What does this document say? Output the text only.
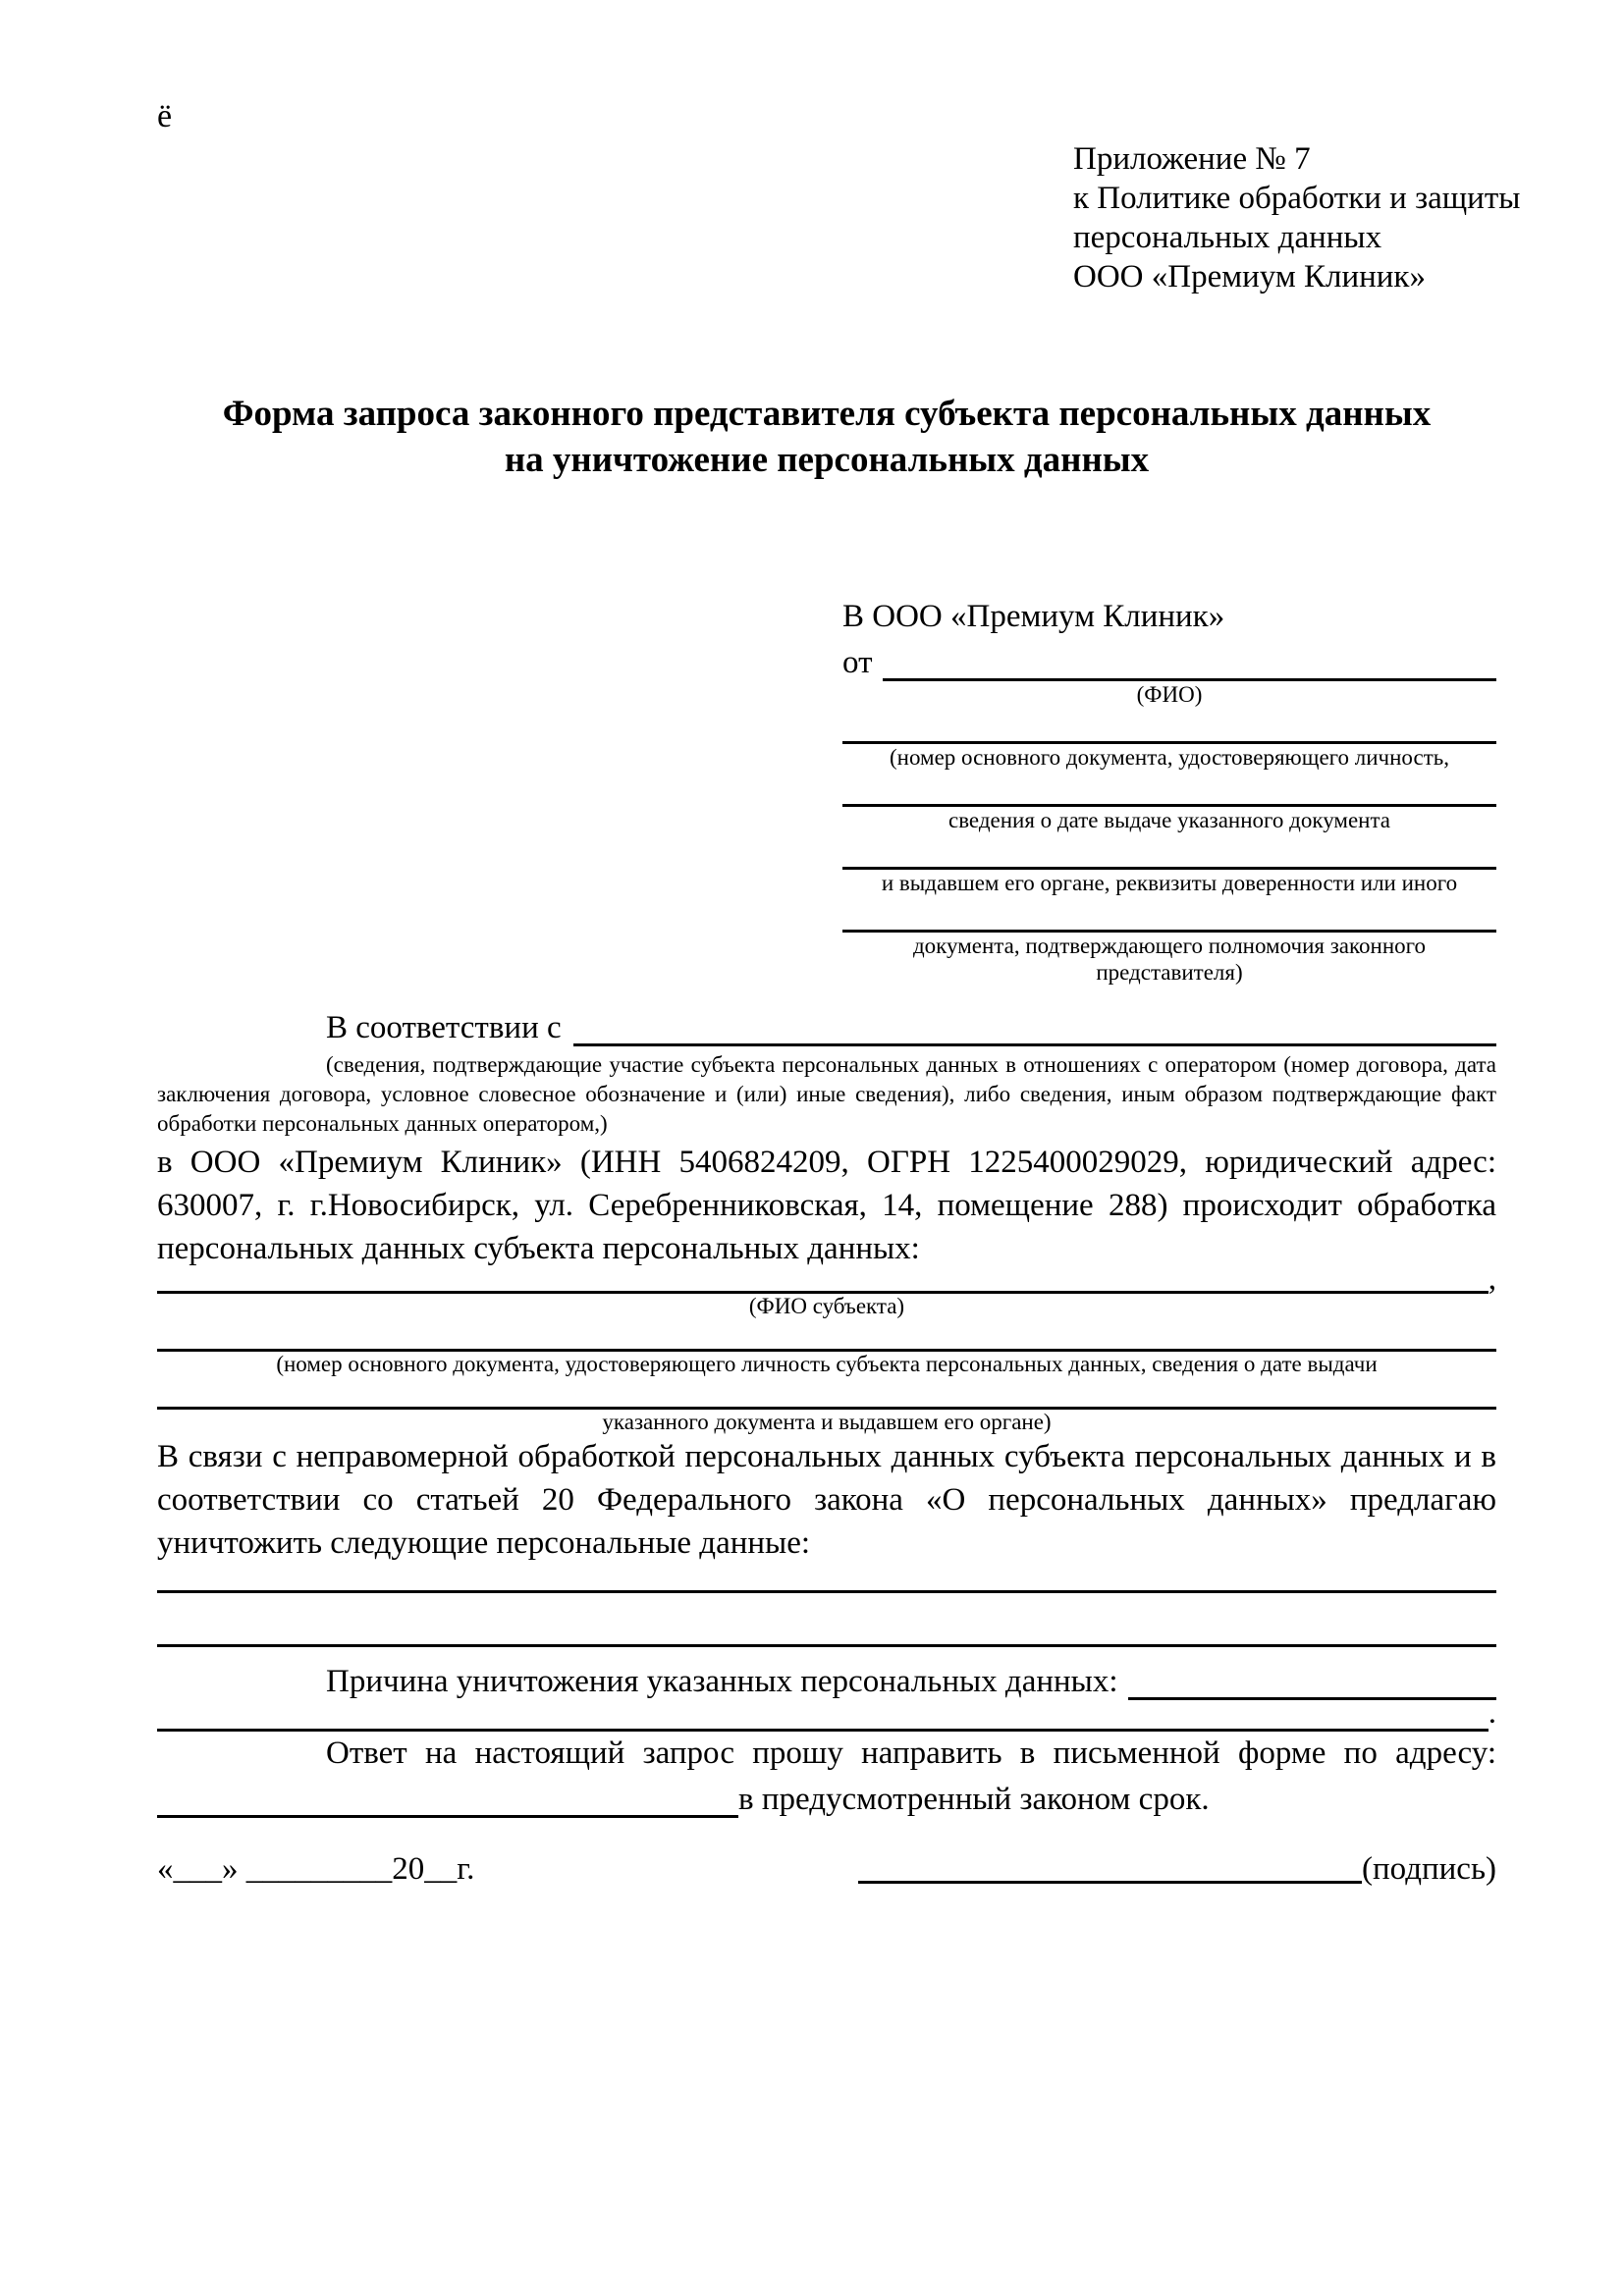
ё
Приложение № 7
к Политике обработки и защиты
персональных данных
ООО «Премиум Клиник»
Форма запроса законного представителя субъекта персональных данных
на уничтожение персональных данных
В ООО «Премиум Клиник»
от
(ФИО)
(номер основного документа, удостоверяющего личность,
сведения о дате выдаче указанного документа
и выдавшем его органе, реквизиты доверенности или иного
документа, подтверждающего полномочия законного представителя)
В соответствии с
(сведения, подтверждающие участие субъекта персональных данных в отношениях с оператором (номер договора, дата заключения договора, условное словесное обозначение и (или) иные сведения), либо сведения, иным образом подтверждающие факт обработки персональных данных оператором,)
в ООО «Премиум Клиник» (ИНН 5406824209, ОГРН 1225400029029, юридический адрес: 630007, г. г.Новосибирск, ул. Серебренниковская, 14, помещение 288) происходит обработка персональных данных субъекта персональных данных:
,
(ФИО субъекта)
(номер основного документа, удостоверяющего личность субъекта персональных данных, сведения о дате выдачи
указанного документа и выдавшем его органе)
В связи с неправомерной обработкой персональных данных субъекта персональных данных и в соответствии со статьей 20 Федерального закона «О персональных данных» предлагаю уничтожить следующие персональные данные:
Причина уничтожения указанных персональных данных:
.
Ответ на настоящий запрос прошу направить в письменной форме по адресу:
в предусмотренный законом срок.
«___» _________20__г.	(подпись)
